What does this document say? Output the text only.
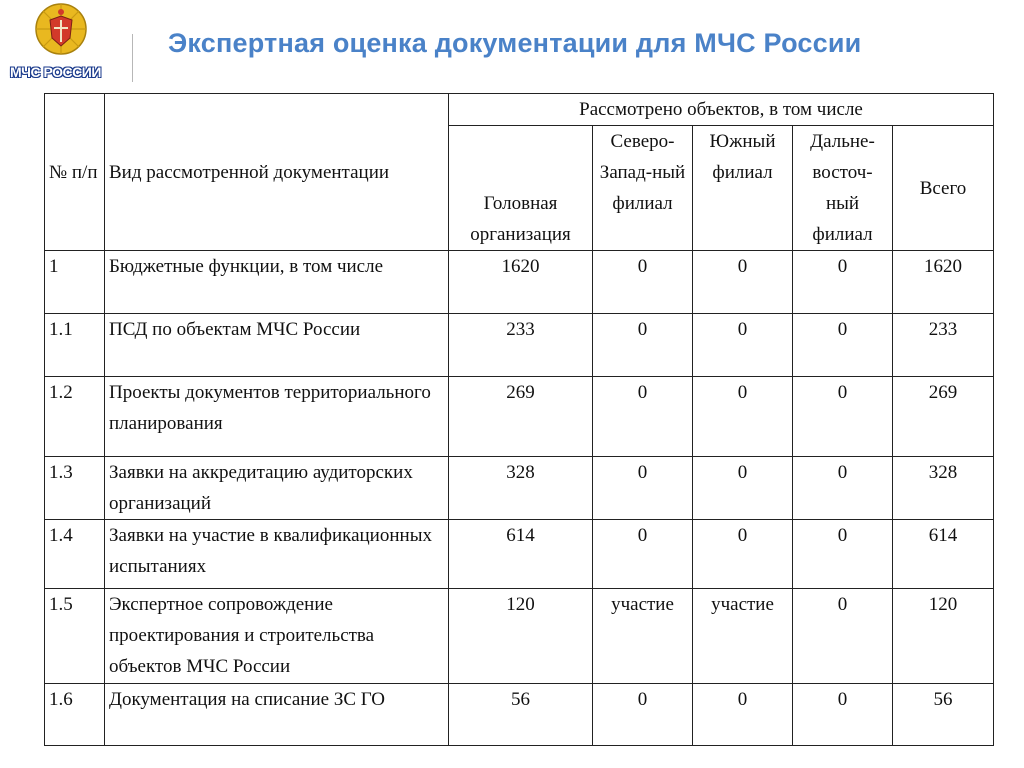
МЧС РОССИИ
Экспертная оценка документации для МЧС России
№ п/п	Вид рассмотренной документации	Рассмотрено объектов, в том числе				
		Головная организация	Северо-Запад-ный филиал	Южный филиал	Дальне-восточ-ный филиал	Всего
1	Бюджетные функции, в том числе	1620	0	0	0	1620
1.1	ПСД по объектам МЧС России	233	0	0	0	233
1.2	Проекты документов территориального планирования	269	0	0	0	269
1.3	Заявки на аккредитацию аудиторских организаций	328	0	0	0	328
1.4	Заявки на участие в квалификационных испытаниях	614	0	0	0	614
1.5	Экспертное сопровождение проектирования и строительства объектов МЧС России	120	участие	участие	0	120
1.6	Документация на списание ЗС ГО	56	0	0	0	56
